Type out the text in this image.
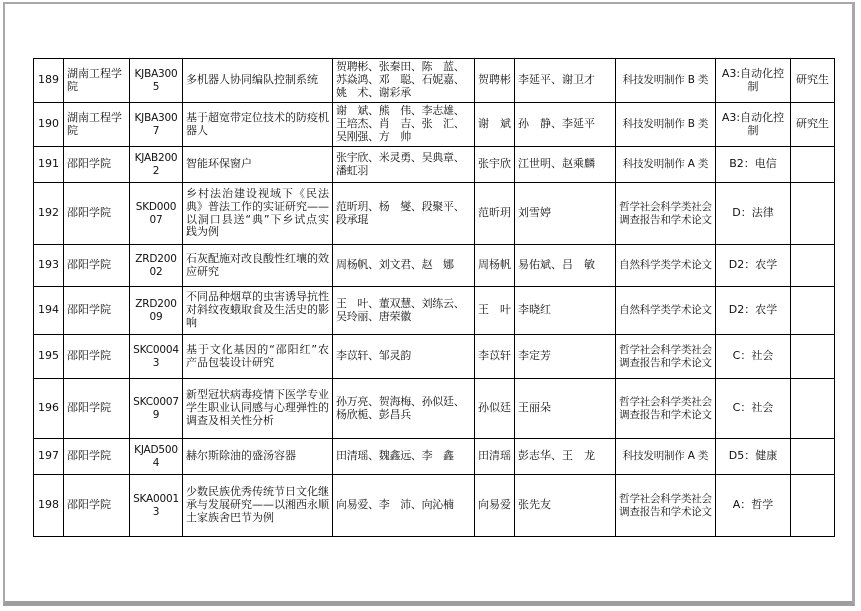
189	湖南工程学院	KJBA3005	多机器人协同编队控制系统	贺聘彬、张秦田、陈　蓝、苏焱鸿、邓　聪、石妮嘉、姚　术、谢彩承	贺聘彬	李延平、谢卫才	科技发明制作 B 类	A3:自动化控制	研究生
190	湖南工程学院	KJBA3007	基于超宽带定位技术的防疫机器人	谢　斌、熊　伟、李志雄、王培杰、肖　吉、张　汇、吴刚强、方　帅	谢　斌	孙　静、李延平	科技发明制作 B 类	A3:自动化控制	研究生
191	邵阳学院	KJAB2002	智能环保窗户	张宇欣、米灵勇、吴典章、潘虹羽	张宇欣	江世明、赵乘麟	科技发明制作 A 类	B2：电信	
192	邵阳学院	SKD00007	乡村法治建设视域下《民法典》普法工作的实证研究——以洞口县送“典”下乡试点实践为例	范昕玥、杨　燮、段聚平、段承琨	范昕玥	刘雪婷	哲学社会科学类社会调查报告和学术论文	D：法律	
193	邵阳学院	ZRD20002	石灰配施对改良酸性红壤的效应研究	周杨帆、刘文君、赵　娜	周杨帆	易佑斌、吕　敏	自然科学类学术论文	D2：农学	
194	邵阳学院	ZRD20009	不同品种烟草的虫害诱导抗性对斜纹夜蛾取食及生活史的影响	王　叶、董双慧、刘练云、吴玲丽、唐荣徽	王　叶	李晓红	自然科学类学术论文	D2：农学	
195	邵阳学院	SKC00043	基于文化基因的“邵阳红”农产品包装设计研究	李苡轩、邹灵韵	李苡轩	李定芳	哲学社会科学类社会调查报告和学术论文	C：社会	
196	邵阳学院	SKC00079	新型冠状病毒疫情下医学专业学生职业认同感与心理弹性的调查及相关性分析	孙万亮、贺海梅、孙似廷、杨欣栀、彭昌兵	孙似廷	王丽朵	哲学社会科学类社会调查报告和学术论文	C：社会	
197	邵阳学院	KJAD5004	赫尔斯除油的盛汤容器	田清瑶、魏鑫远、李　鑫	田清瑶	彭志华、王　龙	科技发明制作 A 类	D5：健康	
198	邵阳学院	SKA00013	少数民族优秀传统节日文化继承与发展研究——以湘西永顺土家族舍巴节为例	向易爱、李　沛、向沁楠	向易爱	张先友	哲学社会科学类社会调查报告和学术论文	A：哲学	
